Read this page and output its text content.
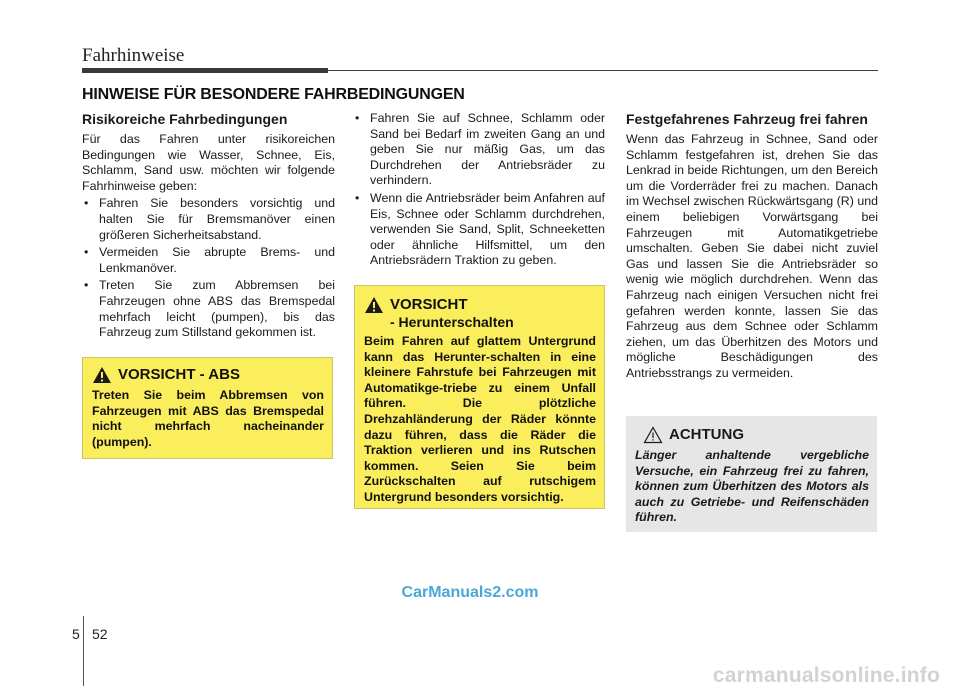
Fahrhinweise
HINWEISE FÜR BESONDERE FAHRBEDINGUNGEN
Risikoreiche Fahrbedingungen

Für das Fahren unter risikoreichen Bedingungen wie Wasser, Schnee, Eis, Schlamm, Sand usw. möchten wir folgende Fahrhinweise geben:

• Fahren Sie besonders vorsichtig und halten Sie für Bremsmanöver einen größeren Sicherheitsabstand.
• Vermeiden Sie abrupte Brems- und Lenkmanöver.
• Treten Sie zum Abbremsen bei Fahrzeugen ohne ABS das Bremspedal mehrfach leicht (pumpen), bis das Fahrzeug zum Stillstand gekommen ist.
VORSICHT - ABS

Treten Sie beim Abbremsen von Fahrzeugen mit ABS das Bremspedal nicht mehrfach nacheinander (pumpen).

• Fahren Sie auf Schnee, Schlamm oder Sand bei Bedarf im zweiten Gang an und geben Sie nur mäßig Gas, um das Durchdrehen der Antriebsräder zu verhindern.
• Wenn die Antriebsräder beim Anfahren auf Eis, Schnee oder Schlamm durchdrehen, verwenden Sie Sand, Split, Schneeketten oder ähnliche Hilfsmittel, um den Antriebsrädern Traktion zu geben.
VORSICHT
- Herunterschalten

Beim Fahren auf glattem Untergrund kann das Herunter-schalten in eine kleinere Fahrstufe bei Fahrzeugen mit Automatikge-triebe zu einem Unfall führen. Die plötzliche Drehzahländerung der Räder könnte dazu führen, dass die Räder die Traktion verlieren und ins Rutschen kommen. Seien Sie beim Zurückschalten auf rutschigem Untergrund besonders vorsichtig.

Festgefahrenes Fahrzeug frei fahren

Wenn das Fahrzeug in Schnee, Sand oder Schlamm festgefahren ist, drehen Sie das Lenkrad in beide Richtungen, um den Bereich um die Vorderräder frei zu machen. Danach im Wechsel zwischen Rückwärtsgang (R) und einem beliebigen Vorwärtsgang bei Fahrzeugen mit Automatikgetriebe umschalten. Geben Sie dabei nicht zuviel Gas und lassen Sie die Antriebsräder so wenig wie möglich durchdrehen. Wenn das Fahrzeug nach einigen Versuchen nicht frei gefahren werden konnte, lassen Sie das Fahrzeug aus dem Schnee oder Schlamm ziehen, um das Überhitzen des Motors und mögliche Beschädigungen des Antriebsstrangs zu vermeiden.

ACHTUNG

Länger anhaltende vergebliche Versuche, ein Fahrzeug frei zu fahren, können zum Überhitzen des Motors als auch zu Getriebe- und Reifenschäden führen.

CarManuals2.com
5 52
carmanualsonline.info
